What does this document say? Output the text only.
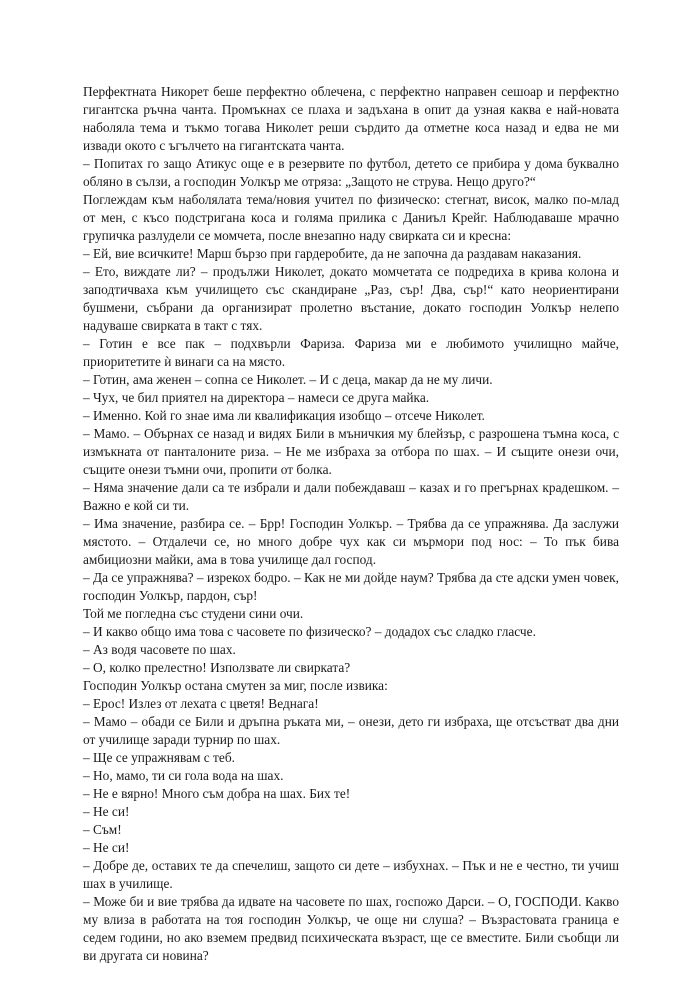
Перфектната Никорет беше перфектно облечена, с перфектно направен сешоар и перфектно гигантска ръчна чанта. Промъкнах се плаха и задъхана в опит да узная каква е най-новата наболяла тема и тъкмо тогава Николет реши сърдито да отметне коса назад и едва не ми извади окото с ъгълчето на гигантската чанта.

– Попитах го защо Атикус още е в резервите по футбол, детето се прибира у дома буквално обляно в сълзи, а господин Уолкър ме отряза: „Защото не струва. Нещо друго?“

Поглеждам към наболялата тема/новия учител по физическо: стегнат, висок, малко по-млад от мен, с късо подстригана коса и голяма прилика с Даниъл Крейг. Наблюдаваше мрачно групичка разлудели се момчета, после внезапно наду свирката си и кресна:

– Ей, вие всичките! Марш бързо при гардеробите, да не започна да раздавам наказания.

– Ето, виждате ли? – продължи Николет, докато момчетата се подредиха в крива колона и заподтичваха към училището със скандиране „Раз, сър! Два, сър!“ като неориентирани бушмени, събрани да организират пролетно въстание, докато господин Уолкър нелепо надуваше свирката в такт с тях.

– Готин е все пак – подхвърли Фариза. Фариза ми е любимото училищно майче, приоритетите ѝ винаги са на място.

– Готин, ама женен – сопна се Николет. – И с деца, макар да не му личи.

– Чух, че бил приятел на директора – намеси се друга майка.

– Именно. Кой го знае има ли квалификация изобщо – отсече Николет.

– Мамо. – Обърнах се назад и видях Били в мъничкия му блейзър, с разрошена тъмна коса, с измъкната от панталоните риза. – Не ме избраха за отбора по шах. – И същите онези очи, същите онези тъмни очи, пропити от болка.

– Няма значение дали са те избрали и дали побеждаваш – казах и го прегърнах крадешком. – Важно е кой си ти.

– Има значение, разбира се. – Брр! Господин Уолкър. – Трябва да се упражнява. Да заслужи мястото. – Отдалечи се, но много добре чух как си мърмори под нос: – То пък бива амбициозни майки, ама в това училище дал господ.

– Да се упражнява? – изрекох бодро. – Как не ми дойде наум? Трябва да сте адски умен човек, господин Уолкър, пардон, сър!

Той ме погледна със студени сини очи.

– И какво общо има това с часовете по физическо? – додадох със сладко гласче.

– Аз водя часовете по шах.

– О, колко прелестно! Използвате ли свирката?

Господин Уолкър остана смутен за миг, после извика:

– Ерос! Излез от лехата с цветя! Веднага!

– Мамо – обади се Били и дръпна ръката ми, – онези, дето ги избраха, ще отсъстват два дни от училище заради турнир по шах.

– Ще се упражнявам с теб.

– Но, мамо, ти си гола вода на шах.

– Не е вярно! Много съм добра на шах. Бих те!

– Не си!

– Съм!

– Не си!

– Добре де, оставих те да спечелиш, защото си дете – избухнах. – Пък и не е честно, ти учиш шах в училище.

– Може би и вие трябва да идвате на часовете по шах, госпожо Дарси. – О, ГОСПОДИ. Какво му влиза в работата на тоя господин Уолкър, че още ни слуша? – Възрастовата граница е седем години, но ако вземем предвид психическата възраст, ще се вместите. Били съобщи ли ви другата си новина?
